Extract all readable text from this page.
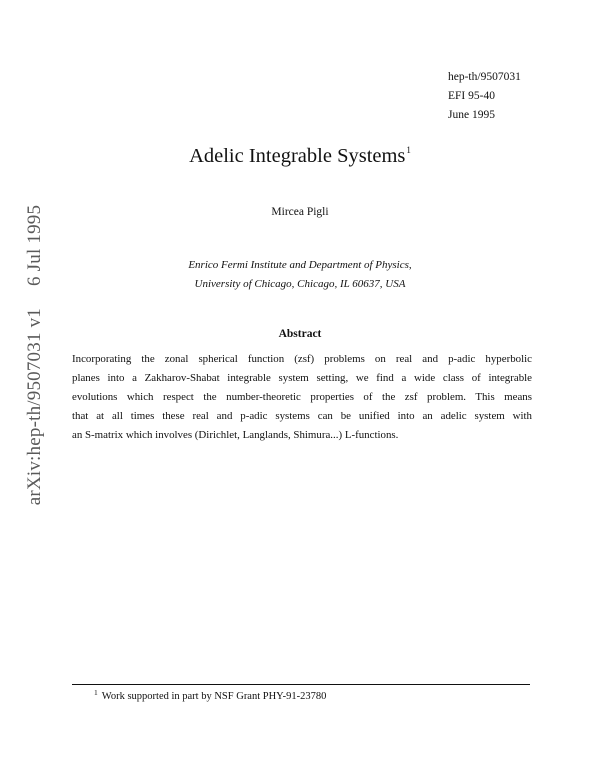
arXiv:hep-th/9507031 v16 Jul 1995
hep-th/9507031
EFI 95-40
June 1995
Adelic Integrable Systems$^1$
Mircea Pigli
Enrico Fermi Institute and Department of Physics,
University of Chicago, Chicago, IL 60637, USA
Abstract
Incorporating the zonal spherical function (zsf) problems on real and p-adic hyperbolic
planes into a Zakharov-Shabat integrable system setting, we find a wide class of integrable
evolutions which respect the number-theoretic properties of the zsf problem. This means
that at all times these real and p-adic systems can be unified into an adelic system with
an S-matrix which involves (Dirichlet, Langlands, Shimura...) L-functions.
$^1$ Work supported in part by NSF Grant PHY-91-23780
